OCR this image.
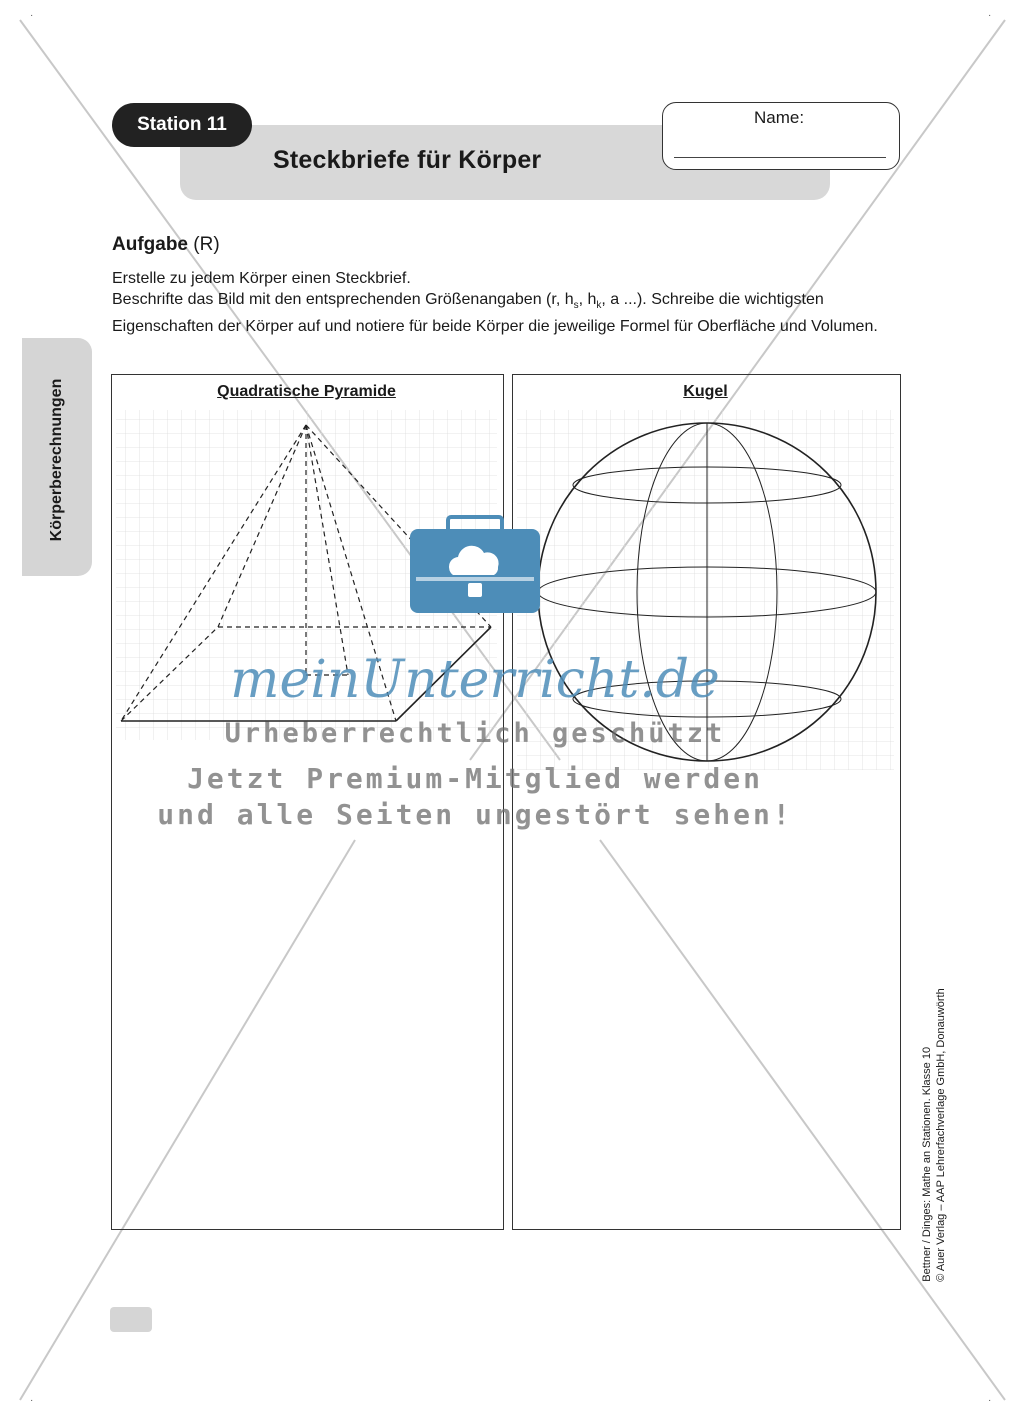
·	·
·	·
Station 11
Steckbriefe für Körper
Name:
Körperberechnungen
Aufgabe (R)

Erstelle zu jedem Körper einen Steckbrief.

Beschrifte das Bild mit den entsprechenden Größenangaben (r, $h_s$, $h_k$, a ...). Schreibe die wichtigsten Eigenschaften der Körper auf und notiere für beide Körper die jeweilige Formel für Oberfläche und Volumen.

Quadratische Pyramide	Kugel
meinUnterricht.de
Urheberrechtlich geschützt
Jetzt Premium-Mitglied werden
und alle Seiten ungestört sehen!
Bettner / Dinges: Mathe an Stationen. Klasse 10 © Auer Verlag – AAP Lehrerfachverlage GmbH, Donauwörth
